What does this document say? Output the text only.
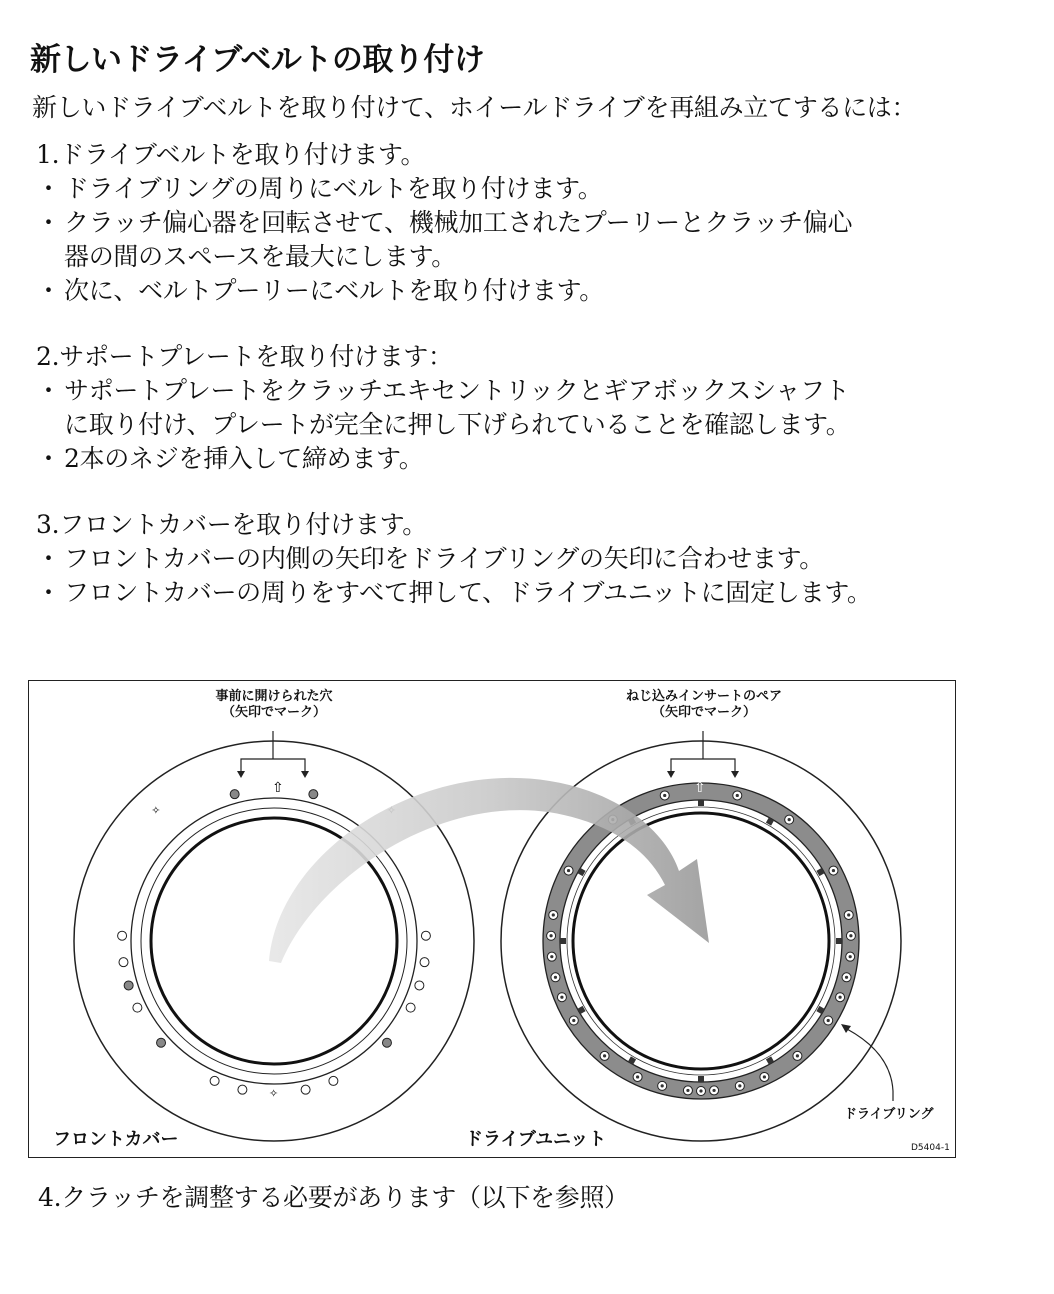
新しいドライブベルトの取り付け
新しいドライブベルトを取り付けて、ホイールドライブを再組み立てするには：
1.ドライブベルトを取り付けます。
・ ドライブリングの周りにベルトを取り付けます。
・ クラッチ偏心器を回転させて、機械加工されたプーリーとクラッチ偏心
器の間のスペースを最大にします。
・ 次に、ベルトプーリーにベルトを取り付けます。
2.サポートプレートを取り付けます：
・ サポートプレートをクラッチエキセントリックとギアボックスシャフト
に取り付け、プレートが完全に押し下げられていることを確認します。
・ 2本のネジを挿入して締めます。
3.フロントカバーを取り付けます。
・ フロントカバーの内側の矢印をドライブリングの矢印に合わせます。
・ フロントカバーの周りをすべて押して、ドライブユニットに固定します。
✧
✧
⇧	⇧
事前に開けられた穴
（矢印でマーク）
ねじ込みインサートのペア
（矢印でマーク）
ドライブリング
フロントカバー	ドライブユニット	D5404-1
4.クラッチを調整する必要があります（以下を参照）
